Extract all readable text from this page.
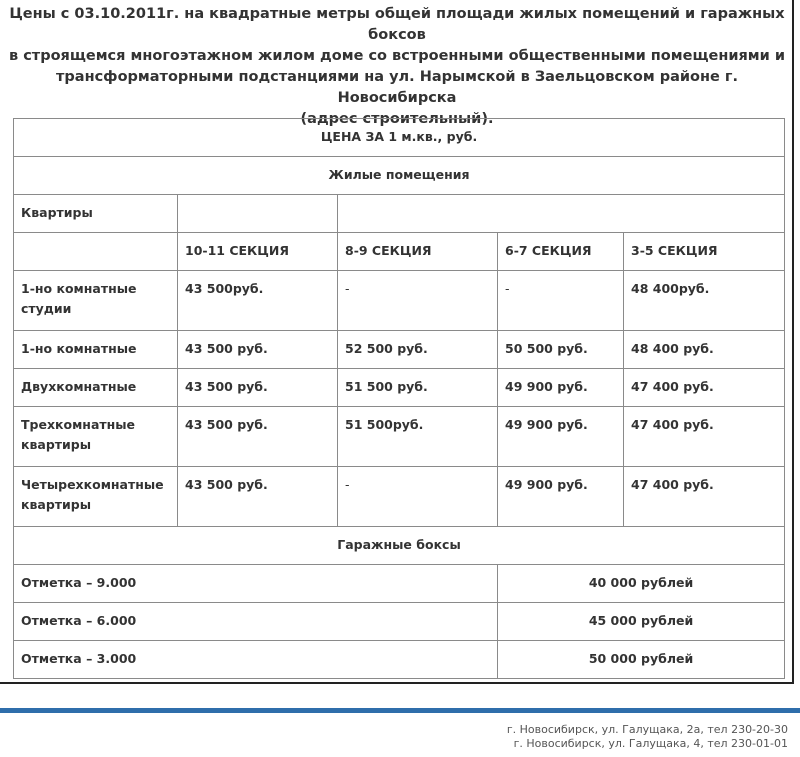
Цены с 03.10.2011г. на квадратные метры общей площади жилых помещений и гаражных боксов
в строящемся многоэтажном жилом доме со встроенными общественными помещениями и
трансформаторными подстанциями на ул. Нарымской в Заельцовском районе г. Новосибирска
(адрес строительный).
ЦЕНА ЗА 1 м.кв., руб.				
Жилые помещения				
Квартиры				
	10-11 СЕКЦИЯ	8-9 СЕКЦИЯ	6-7 СЕКЦИЯ	3-5 СЕКЦИЯ
1-но комнатные студии	43 500руб.	-	-	48 400руб.
1-но комнатные	43 500 руб.	52 500 руб.	50 500 руб.	48 400 руб.
Двухкомнатные	43 500 руб.	51 500 руб.	49 900 руб.	47 400 руб.
Трехкомнатные квартиры	43 500 руб.	51 500руб.	49 900 руб.	47 400 руб.
Четырехкомнатные квартиры	43 500 руб.	-	49 900 руб.	47 400 руб.
Гаражные боксы				
Отметка – 9.000			40 000 рублей	
Отметка – 6.000			45 000 рублей	
Отметка – 3.000			50 000 рублей	
г. Новосибирск, ул. Галущака, 2а, тел 230-20-30
г. Новосибирск, ул. Галущака, 4, тел 230-01-01
